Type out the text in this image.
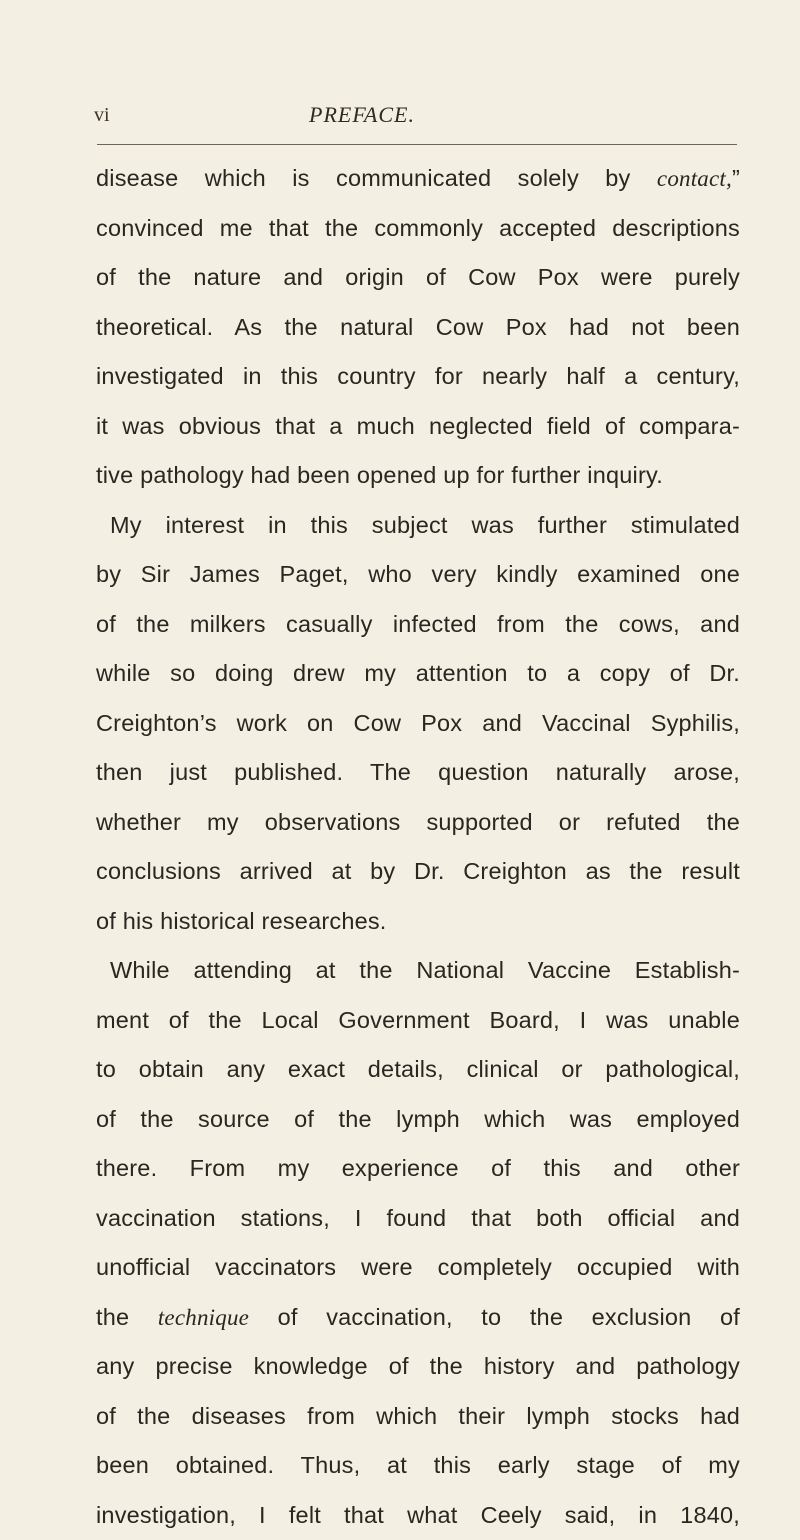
vi	PREFACE.
disease which is communicated solely by contact,”
convinced me that the commonly accepted descriptions
of the nature and origin of Cow Pox were purely
theoretical. As the natural Cow Pox had not been
investigated in this country for nearly half a century,
it was obvious that a much neglected field of compara-
tive pathology had been opened up for further inquiry.
My interest in this subject was further stimulated
by Sir James Paget, who very kindly examined one
of the milkers casually infected from the cows, and
while so doing drew my attention to a copy of Dr.
Creighton’s work on Cow Pox and Vaccinal Syphilis,
then just published. The question naturally arose,
whether my observations supported or refuted the
conclusions arrived at by Dr. Creighton as the result
of his historical researches.
While attending at the National Vaccine Establish-
ment of the Local Government Board, I was unable
to obtain any exact details, clinical or pathological,
of the source of the lymph which was employed
there. From my experience of this and other
vaccination stations, I found that both official and
unofficial vaccinators were completely occupied with
the technique of vaccination, to the exclusion of
any precise knowledge of the history and pathology
of the diseases from which their lymph stocks had
been obtained. Thus, at this early stage of my
investigation, I felt that what Ceely said, in 1840,
